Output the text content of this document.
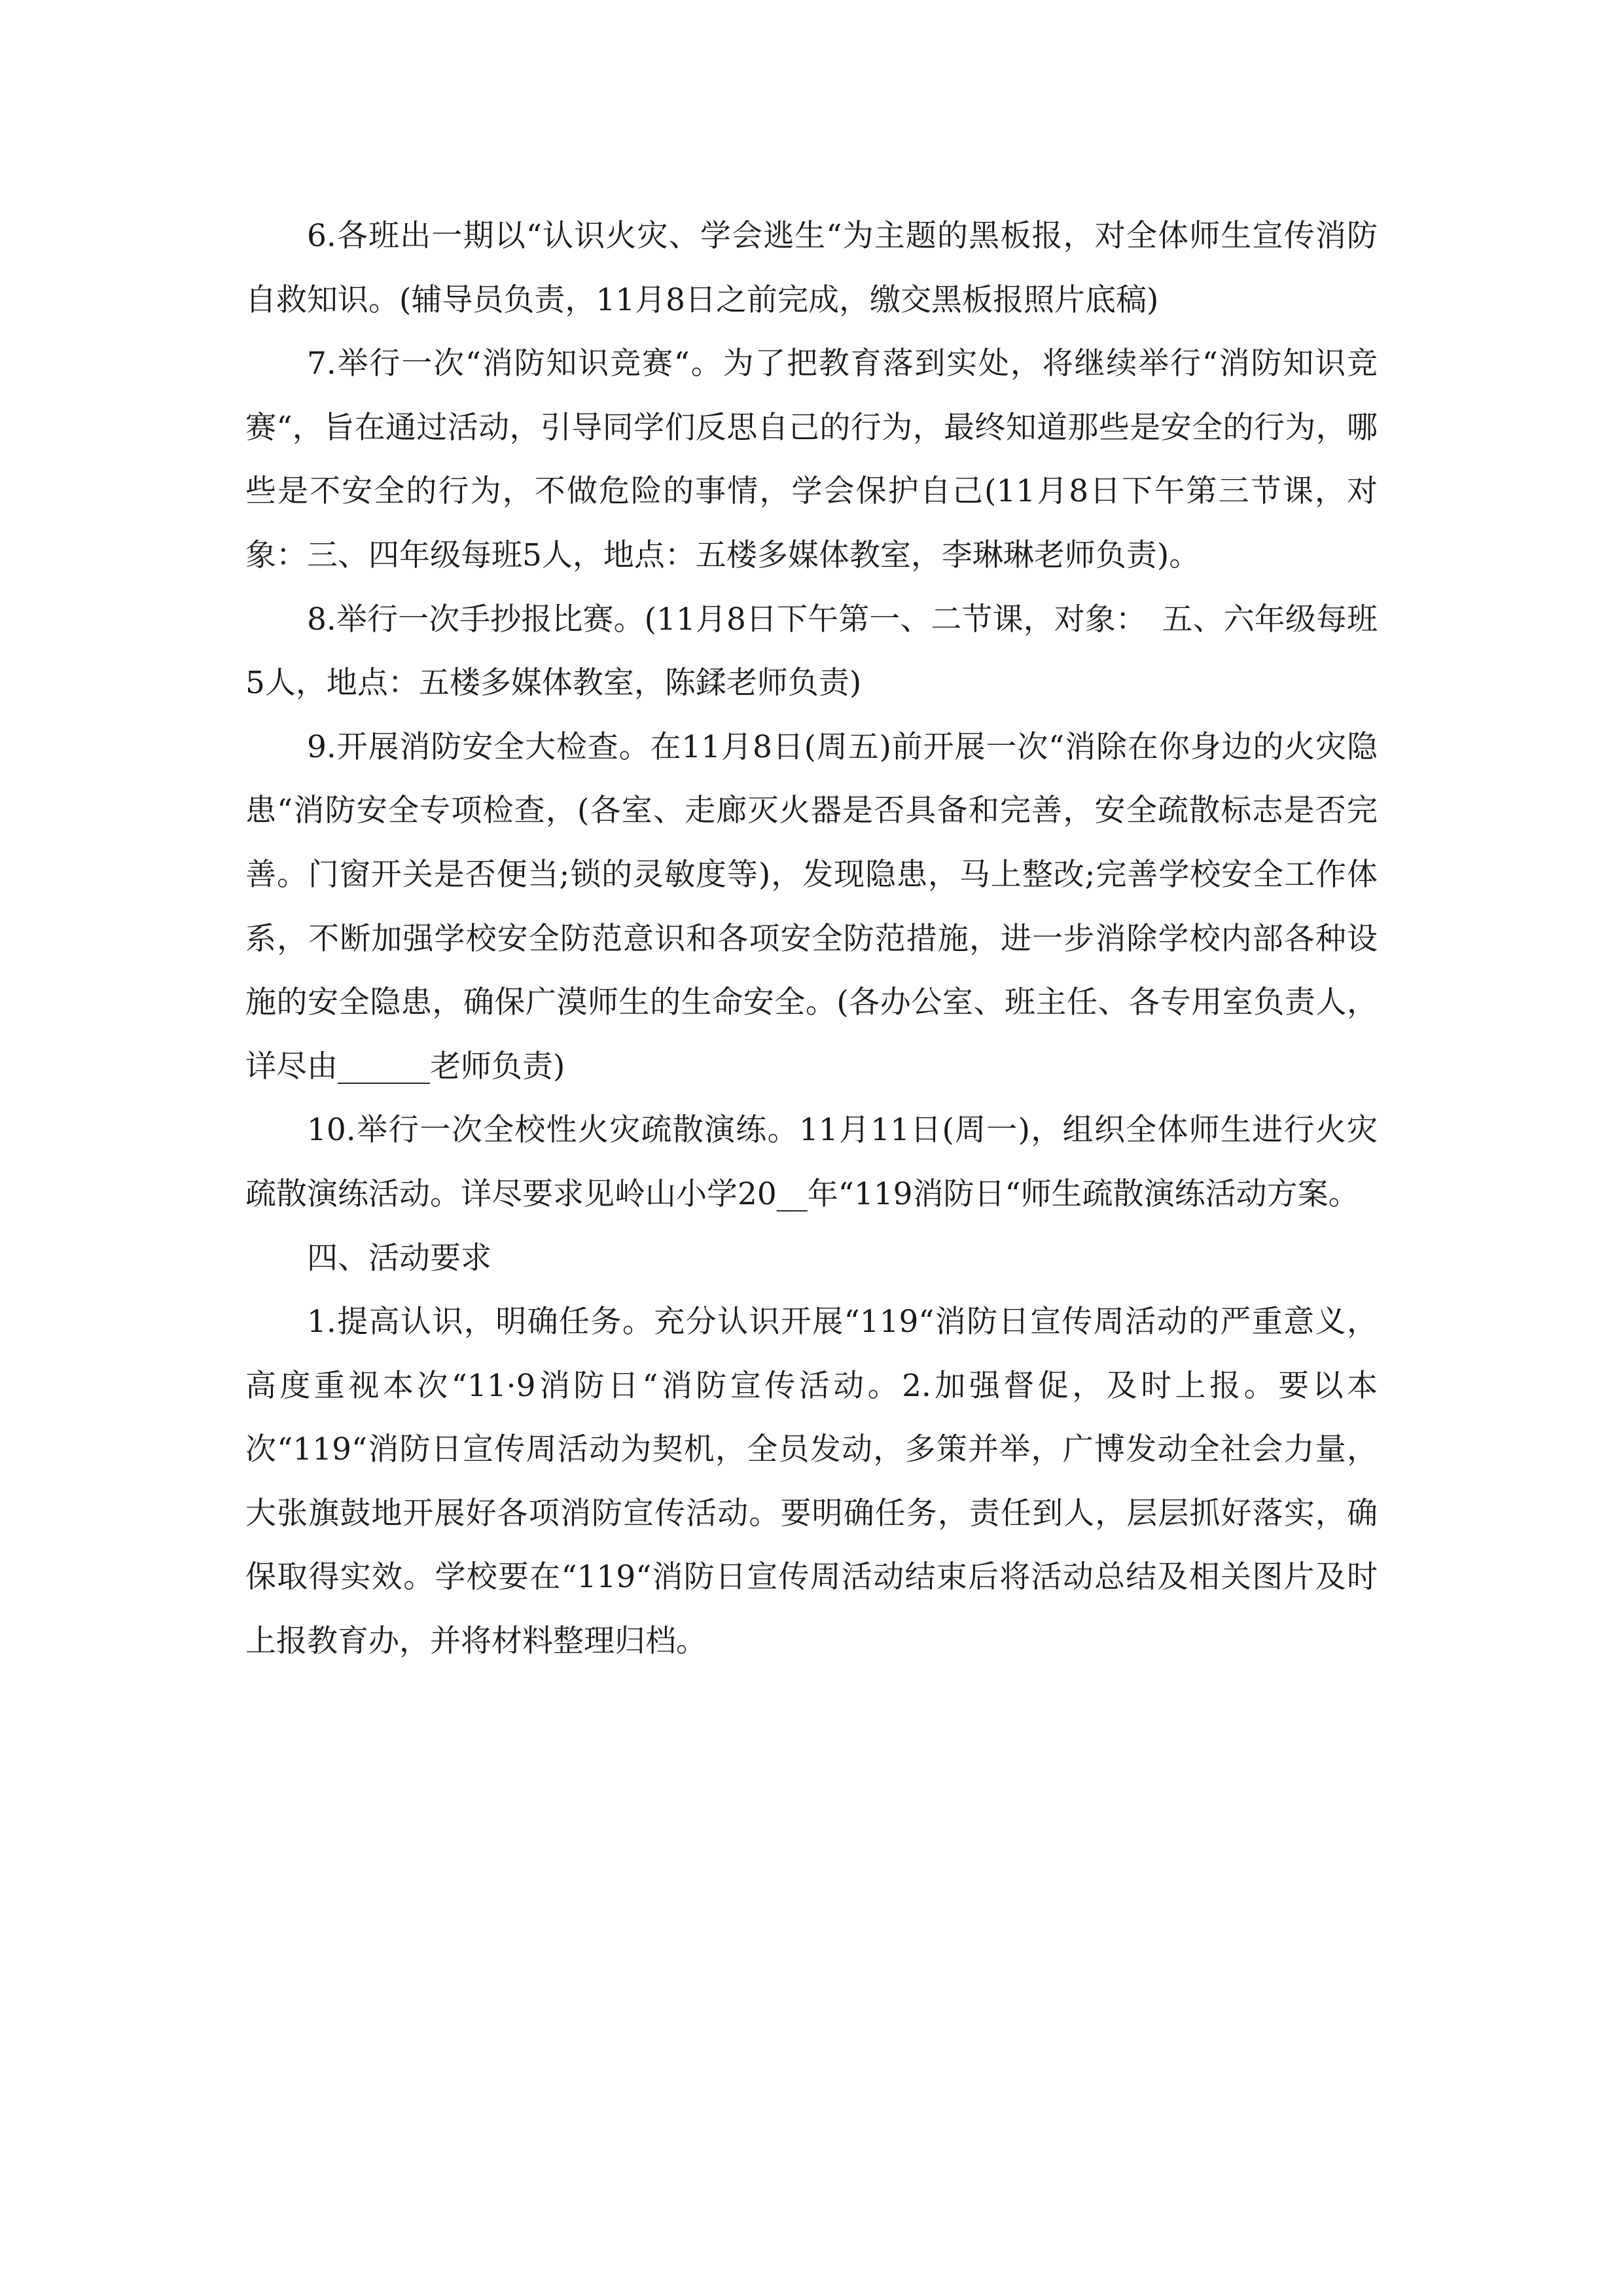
6.各班出一期以“认识火灾、学会逃生“为主题的黑板报，对全体师生宣传消防自救知识。(辅导员负责，11月8日之前完成，缴交黑板报照片底稿)

7.举行一次“消防知识竞赛“。为了把教育落到实处，将继续举行“消防知识竞赛“，旨在通过活动，引导同学们反思自己的行为，最终知道那些是安全的行为，哪些是不安全的行为，不做危险的事情，学会保护自己(11月8日下午第三节课，对象：三、四年级每班5人，地点：五楼多媒体教室，李琳琳老师负责)。

8.举行一次手抄报比赛。(11月8日下午第一、二节课，对象：　五、六年级每班5人，地点：五楼多媒体教室，陈鍒老师负责)

9.开展消防安全大检查。在11月8日(周五)前开展一次“消除在你身边的火灾隐患“消防安全专项检查，(各室、走廊灭火器是否具备和完善，安全疏散标志是否完善。门窗开关是否便当;锁的灵敏度等)，发现隐患，马上整改;完善学校安全工作体系，不断加强学校安全防范意识和各项安全防范措施，进一步消除学校内部各种设施的安全隐患，确保广漠师生的生命安全。(各办公室、班主任、各专用室负责人，详尽由______老师负责)

10.举行一次全校性火灾疏散演练。11月11日(周一)，组织全体师生进行火灾疏散演练活动。详尽要求见岭山小学20__年“119消防日“师生疏散演练活动方案。

四、活动要求

1.提高认识，明确任务。充分认识开展“119“消防日宣传周活动的严重意义，高度重视本次“11·9消防日“消防宣传活动。2.加强督促，及时上报。要以本次“119“消防日宣传周活动为契机，全员发动，多策并举，广博发动全社会力量，大张旗鼓地开展好各项消防宣传活动。要明确任务，责任到人，层层抓好落实，确保取得实效。学校要在“119“消防日宣传周活动结束后将活动总结及相关图片及时上报教育办，并将材料整理归档。
